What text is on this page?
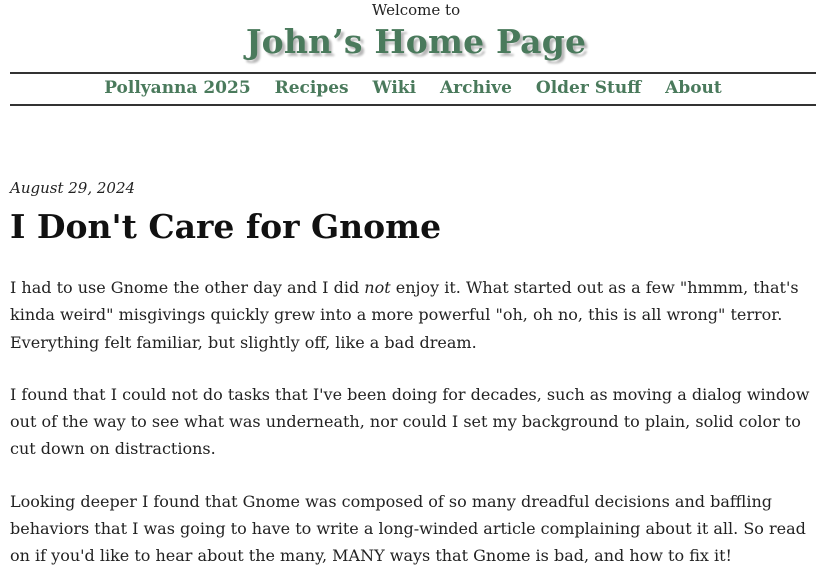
Welcome to
John’s Home Page
Pollyanna 2025 Recipes Wiki Archive Older Stuff About
August 29, 2024
I Don't Care for Gnome

I had to use Gnome the other day and I did not enjoy it. What started out as a few "hmmm, that's kinda weird" misgivings quickly grew into a more powerful "oh, oh no, this is all wrong" terror. Everything felt familiar, but slightly off, like a bad dream.

I found that I could not do tasks that I've been doing for decades, such as moving a dialog window out of the way to see what was underneath, nor could I set my background to plain, solid color to cut down on distractions.

Looking deeper I found that Gnome was composed of so many dreadful decisions and baffling behaviors that I was going to have to write a long-winded article complaining about it all. So read on if you'd like to hear about the many, MANY ways that Gnome is bad, and how to fix it!
